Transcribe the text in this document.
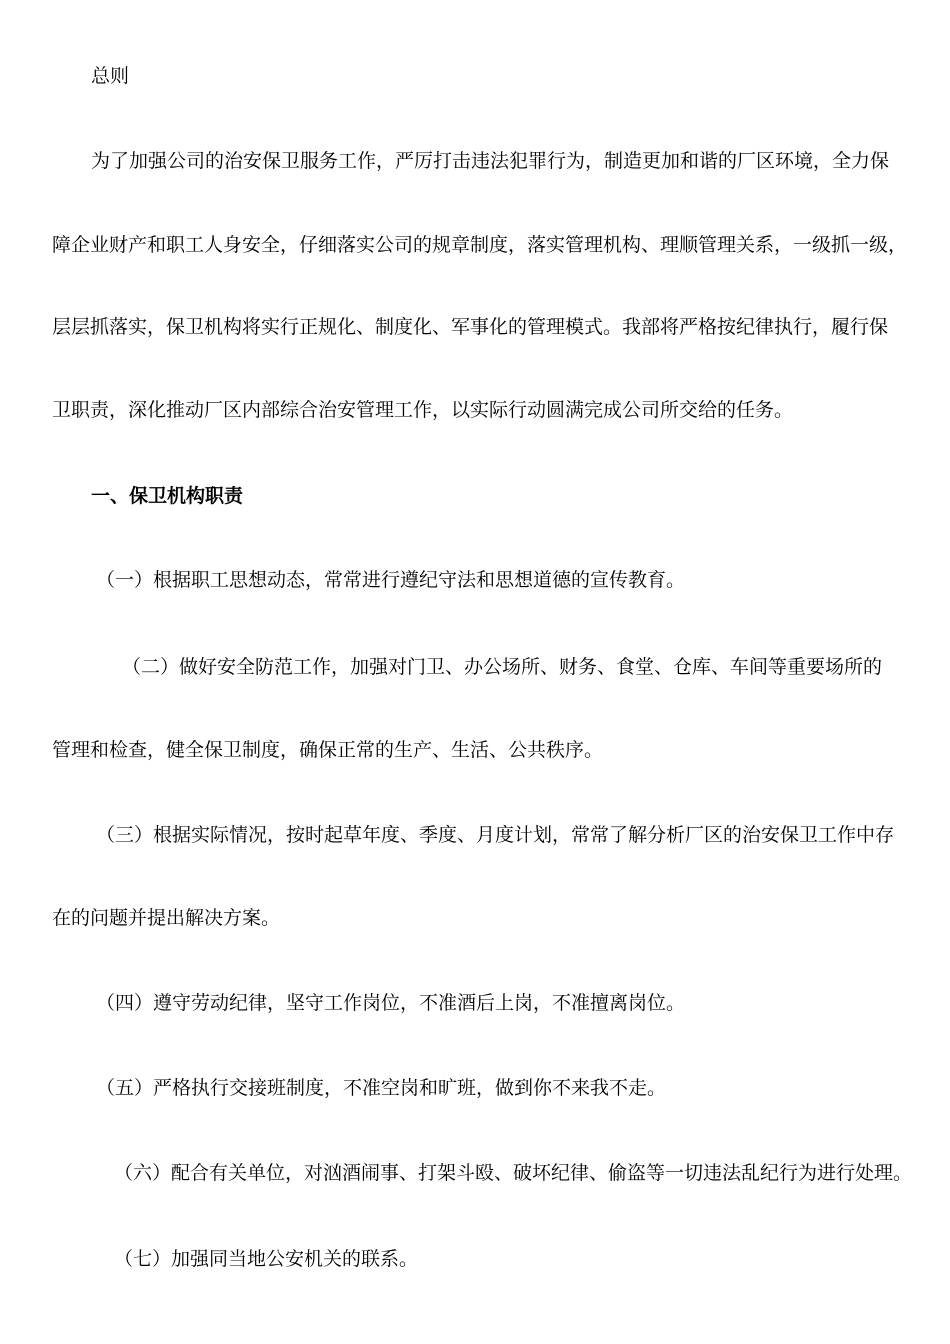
总则
为了加强公司的治安保卫服务工作，严厉打击违法犯罪行为，制造更加和谐的厂区环境，全力保
障企业财产和职工人身安全，仔细落实公司的规章制度，落实管理机构、理顺管理关系，一级抓一级，
层层抓落实，保卫机构将实行正规化、制度化、军事化的管理模式。我部将严格按纪律执行，履行保
卫职责，深化推动厂区内部综合治安管理工作，以实际行动圆满完成公司所交给的任务。
一、保卫机构职责
（一）根据职工思想动态，常常进行遵纪守法和思想道德的宣传教育。
（二）做好安全防范工作，加强对门卫、办公场所、财务、食堂、仓库、车间等重要场所的
管理和检查，健全保卫制度，确保正常的生产、生活、公共秩序。
（三）根据实际情况，按时起草年度、季度、月度计划，常常了解分析厂区的治安保卫工作中存
在的问题并提出解决方案。
（四）遵守劳动纪律，坚守工作岗位，不准酒后上岗，不准擅离岗位。
（五）严格执行交接班制度，不准空岗和旷班，做到你不来我不走。
（六）配合有关单位，对汹酒闹事、打架斗殴、破坏纪律、偷盗等一切违法乱纪行为进行处理。
（七）加强同当地公安机关的联系。
